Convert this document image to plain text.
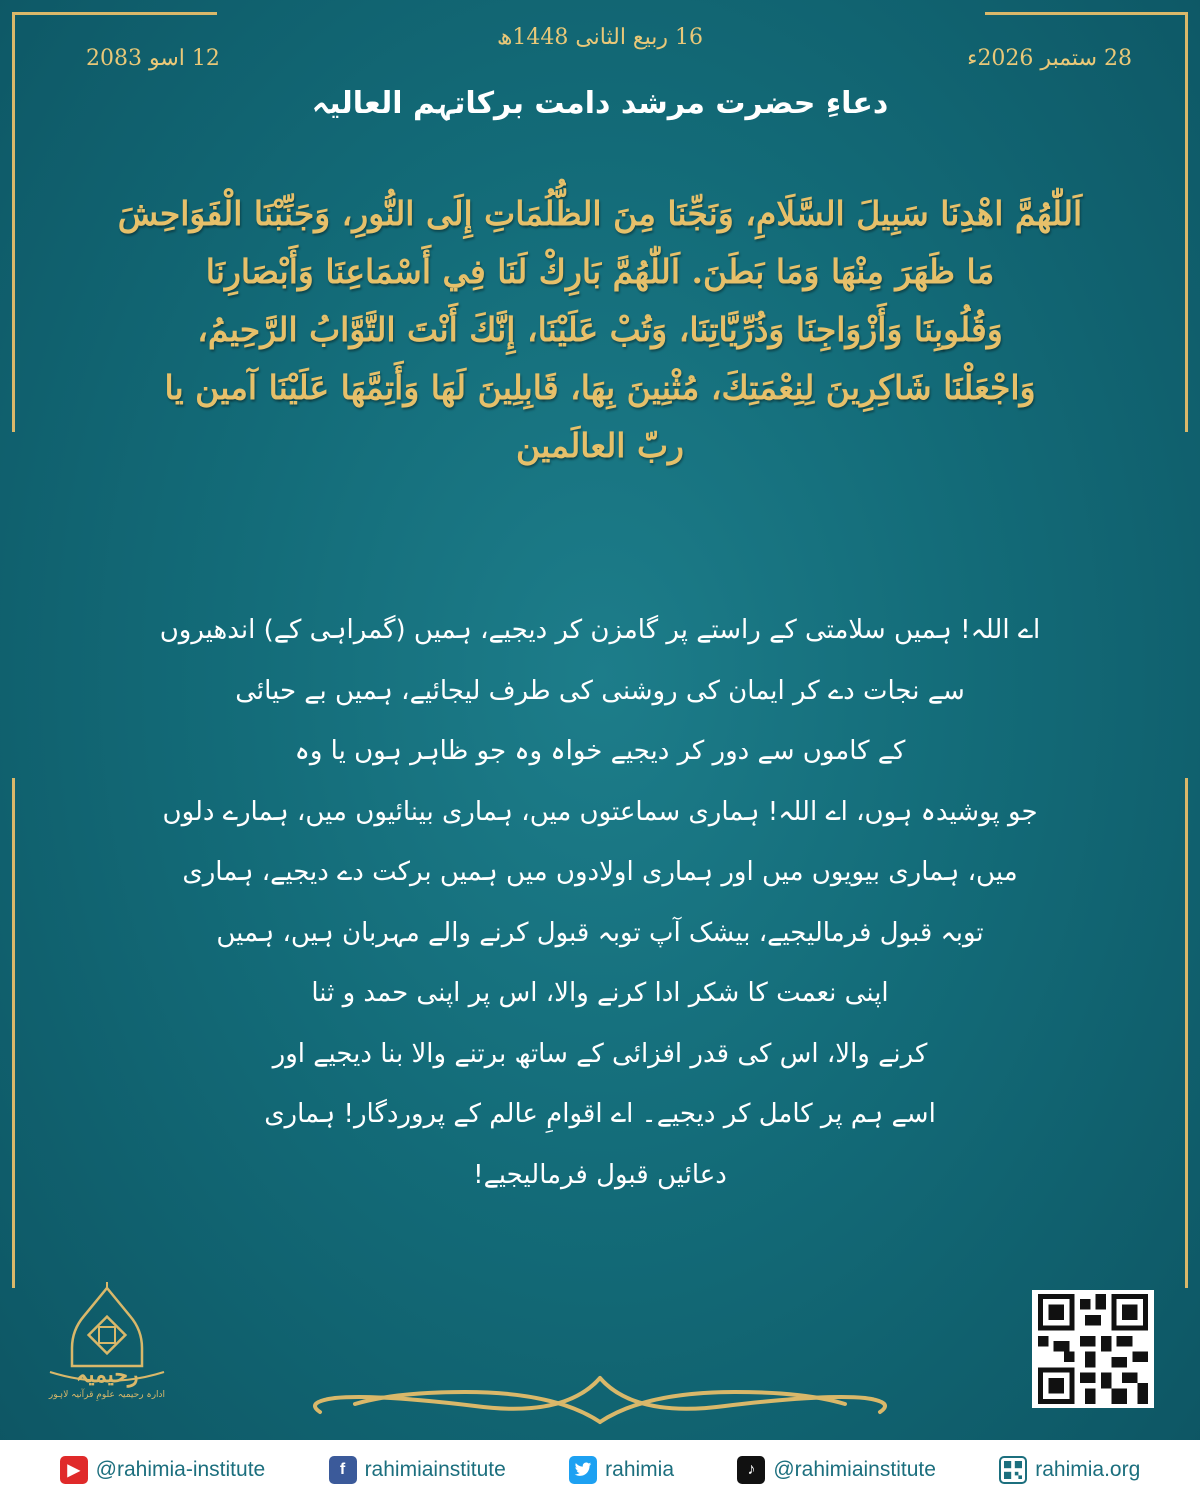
16 ربیع الثانی 1448ھ
28 ستمبر 2026ء
12 اسو 2083
دعاءِ حضرت مرشد دامت برکاتہم العالیہ
اَللّٰهُمَّ اهْدِنَا سَبِيلَ السَّلَامِ، وَنَجِّنَا مِنَ الظُّلُمَاتِ إِلَى النُّورِ، وَجَنِّبْنَا الْفَوَاحِشَ
مَا ظَهَرَ مِنْهَا وَمَا بَطَنَ. اَللّٰهُمَّ بَارِكْ لَنَا فِي أَسْمَاعِنَا وَأَبْصَارِنَا
وَقُلُوبِنَا وَأَزْوَاجِنَا وَذُرِّيَّاتِنَا، وَتُبْ عَلَيْنَا، إِنَّكَ أَنْتَ التَّوَّابُ الرَّحِيمُ،
وَاجْعَلْنَا شَاكِرِينَ لِنِعْمَتِكَ، مُثْنِينَ بِهَا، قَابِلِينَ لَهَا وَأَتِمَّهَا عَلَيْنَا آمین یا
ربّ العالَمین
اے اللہ! ہمیں سلامتی کے راستے پر گامزن کر دیجیے، ہمیں (گمراہی کے) اندھیروں
سے نجات دے کر ایمان کی روشنی کی طرف لیجائیے، ہمیں بے حیائی
کے کاموں سے دور کر دیجیے خواہ وہ جو ظاہر ہوں یا وہ
جو پوشیدہ ہوں، اے اللہ! ہماری سماعتوں میں، ہماری بینائیوں میں، ہمارے دلوں
میں، ہماری بیویوں میں اور ہماری اولادوں میں ہمیں برکت دے دیجیے، ہماری
توبہ قبول فرمالیجیے، بیشک آپ توبہ قبول کرنے والے مہربان ہیں، ہمیں
اپنی نعمت کا شکر ادا کرنے والا، اس پر اپنی حمد و ثنا
کرنے والا، اس کی قدر افزائی کے ساتھ برتنے والا بنا دیجیے اور
اسے ہم پر کامل کر دیجیے۔ اے اقوامِ عالم کے پروردگار! ہماری
دعائیں قبول فرمالیجیے!
رحیمیہ
ادارہ رحیمیہ علومِ قرآنیہ لاہور
▶ @rahimia-institute	f rahimiainstitute	rahimia	♪ @rahimiainstitute	rahimia.org
